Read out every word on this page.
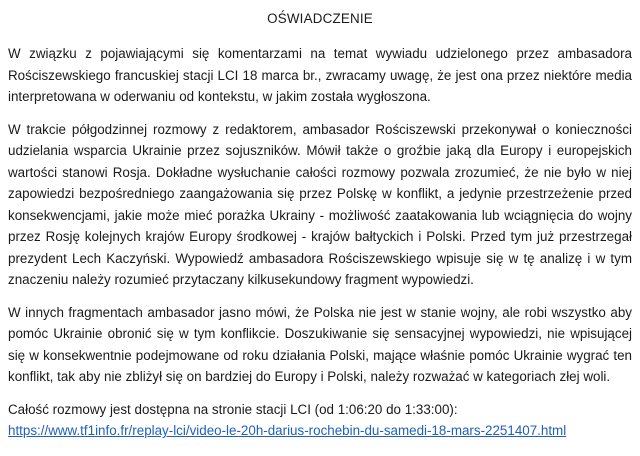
OŚWIADCZENIE

W związku z pojawiającymi się komentarzami na temat wywiadu udzielonego przez ambasadora Rościszewskiego francuskiej stacji LCI 18 marca br., zwracamy uwagę, że jest ona przez niektóre media interpretowana w oderwaniu od kontekstu, w jakim została wygłoszona.

W trakcie półgodzinnej rozmowy z redaktorem, ambasador Rościszewski przekonywał o konieczności udzielania wsparcia Ukrainie przez sojuszników. Mówił także o groźbie jaką dla Europy i europejskich wartości stanowi Rosja. Dokładne wysłuchanie całości rozmowy pozwala zrozumieć, że nie było w niej zapowiedzi bezpośredniego zaangażowania się przez Polskę w konflikt, a jedynie przestrzeżenie przed konsekwencjami, jakie może mieć porażka Ukrainy - możliwość zaatakowania lub wciągnięcia do wojny przez Rosję kolejnych krajów Europy środkowej - krajów bałtyckich i Polski. Przed tym już przestrzegał prezydent Lech Kaczyński. Wypowiedź ambasadora Rościszewskiego wpisuje się w tę analizę i w tym znaczeniu należy rozumieć przytaczany kilkusekundowy fragment wypowiedzi.

W innych fragmentach ambasador jasno mówi, że Polska nie jest w stanie wojny, ale robi wszystko aby pomóc Ukrainie obronić się w tym konflikcie. Doszukiwanie się sensacyjnej wypowiedzi, nie wpisującej się w konsekwentnie podejmowane od roku działania Polski, mające właśnie pomóc Ukrainie wygrać ten konflikt, tak aby nie zbliżył się on bardziej do Europy i Polski, należy rozważać w kategoriach złej woli.

Całość rozmowy jest dostępna na stronie stacji LCI (od 1:06:20 do 1:33:00):
https://www.tf1info.fr/replay-lci/video-le-20h-darius-rochebin-du-samedi-18-mars-2251407.html
